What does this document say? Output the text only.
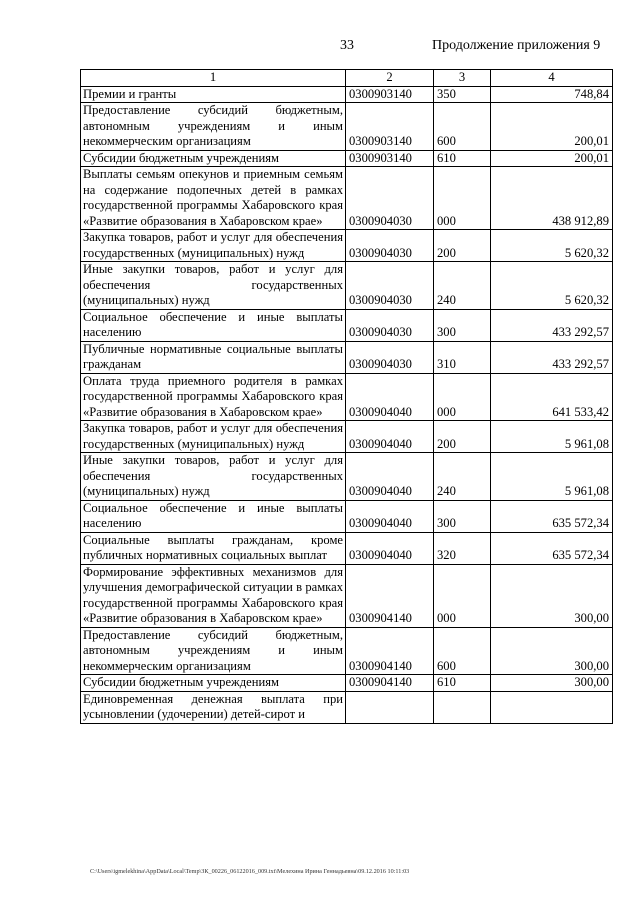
33	Продолжение приложения 9
1	2	3	4
Премии и гранты	0300903140	350	748,84
Предоставление субсидий бюджетным, автономным учреждениям и иным некоммерческим организациям	0300903140	600	200,01
Субсидии бюджетным учреждениям	0300903140	610	200,01
Выплаты семьям опекунов и приемным семьям на содержание подопечных детей в рамках государственной программы Хабаровского края «Развитие образования в Хабаровском крае»	0300904030	000	438 912,89
Закупка товаров, работ и услуг для обеспечения государственных (муниципальных) нужд	0300904030	200	5 620,32
Иные закупки товаров, работ и услуг для обеспечения государственных (муниципальных) нужд	0300904030	240	5 620,32
Социальное обеспечение и иные выплаты населению	0300904030	300	433 292,57
Публичные нормативные социальные выплаты гражданам	0300904030	310	433 292,57
Оплата труда приемного родителя в рамках государственной программы Хабаровского края «Развитие образования в Хабаровском крае»	0300904040	000	641 533,42
Закупка товаров, работ и услуг для обеспечения государственных (муниципальных) нужд	0300904040	200	5 961,08
Иные закупки товаров, работ и услуг для обеспечения государственных (муниципальных) нужд	0300904040	240	5 961,08
Социальное обеспечение и иные выплаты населению	0300904040	300	635 572,34
Социальные выплаты гражданам, кроме публичных нормативных социальных выплат	0300904040	320	635 572,34
Формирование эффективных механизмов для улучшения демографической ситуации в рамках государственной программы Хабаровского края «Развитие образования в Хабаровском крае»	0300904140	000	300,00
Предоставление субсидий бюджетным, автономным учреждениям и иным некоммерческим организациям	0300904140	600	300,00
Субсидии бюджетным учреждениям	0300904140	610	300,00
Единовременная денежная выплата при усыновлении (удочерении) детей-сирот и			
C:\Users\igmelekhina\AppData\Local\Temp\ЗК_00226_06122016_009.txt\Мелехина Ирина Геннадьевна\09.12.2016 10:11:03
